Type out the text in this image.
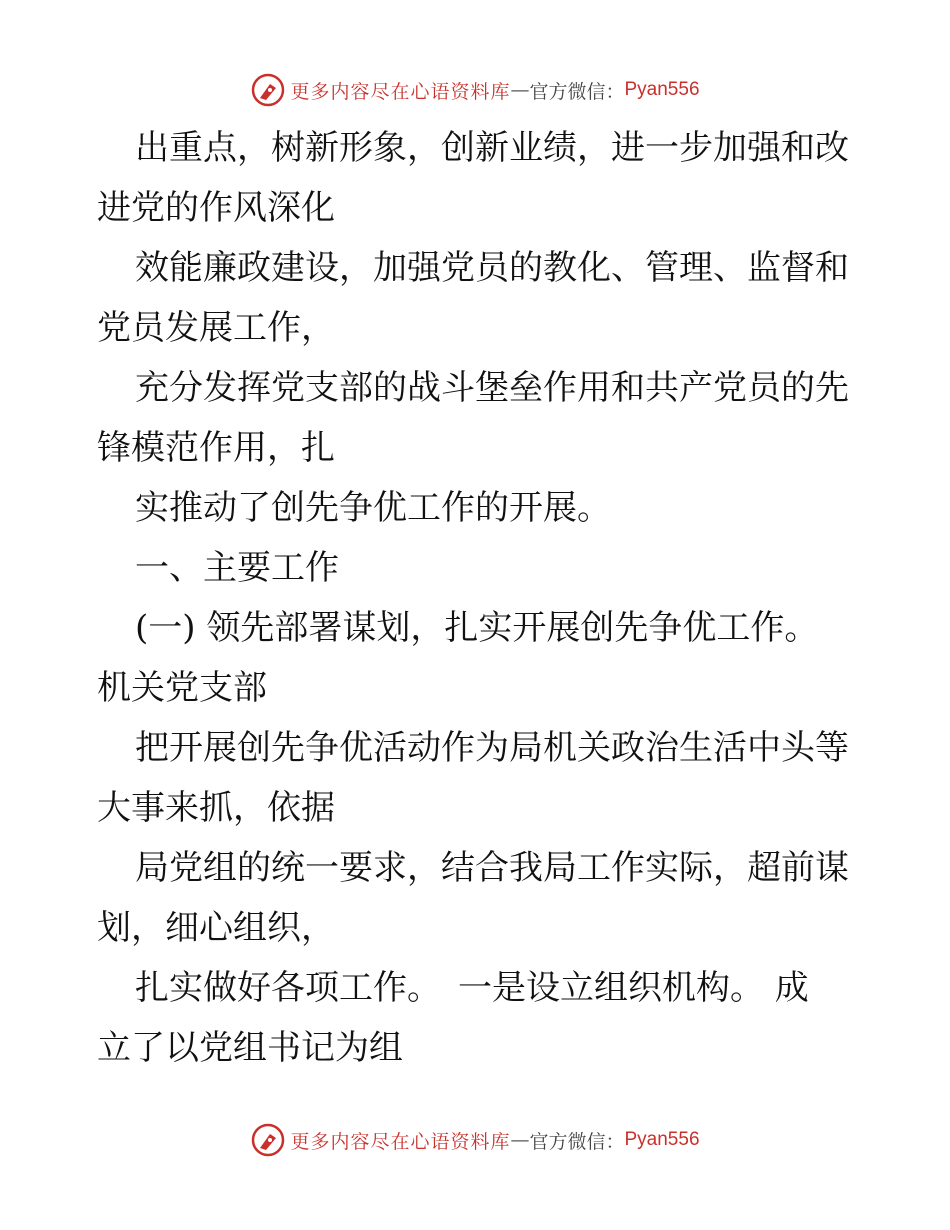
更多内容尽在心语资料库 — 官方微信： Pyan556

出重点，树新形象，创新业绩，进一步加强和改

进党的作风深化

效能廉政建设，加强党员的教化、管理、监督和

党员发展工作，

充分发挥党支部的战斗堡垒作用和共产党员的先

锋模范作用，扎

实推动了创先争优工作的开展。

一、主要工作

(一) 领先部署谋划，扎实开展创先争优工作。

机关党支部

把开展创先争优活动作为局机关政治生活中头等

大事来抓，依据

局党组的统一要求，结合我局工作实际，超前谋

划，细心组织，

扎实做好各项工作。　一是设立组织机构。 成

立了以党组书记为组

更多内容尽在心语资料库 — 官方微信： Pyan556
